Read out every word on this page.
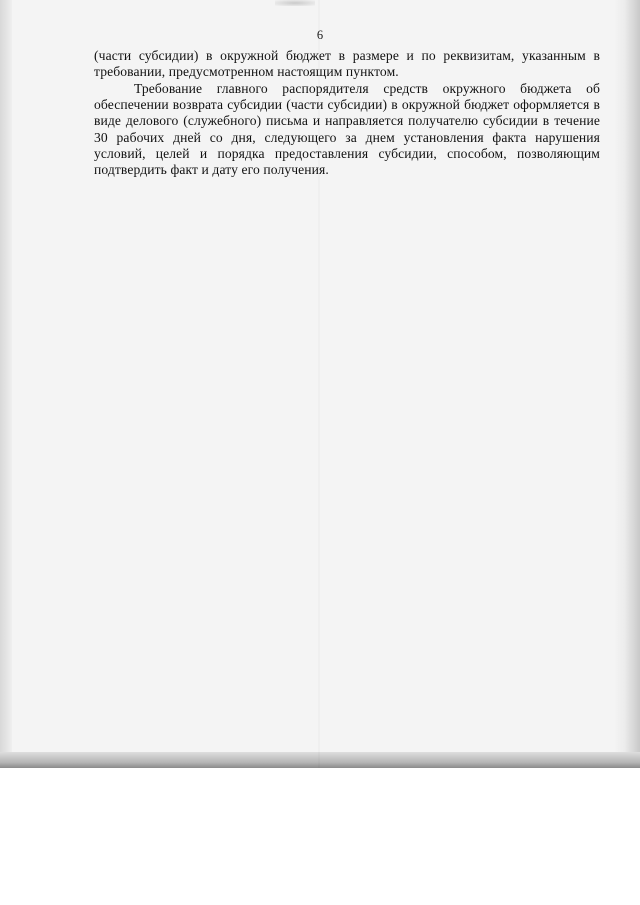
6

(части субсидии) в окружной бюджет в размере и по реквизитам, указанным в требовании, предусмотренном настоящим пунктом.

Требование главного распорядителя средств окружного бюджета об обеспечении возврата субсидии (части субсидии) в окружной бюджет оформляется в виде делового (служебного) письма и направляется получателю субсидии в течение 30 рабочих дней со дня, следующего за днем установления факта нарушения условий, целей и порядка предоставления субсидии, способом, позволяющим подтвердить факт и дату его получения.
